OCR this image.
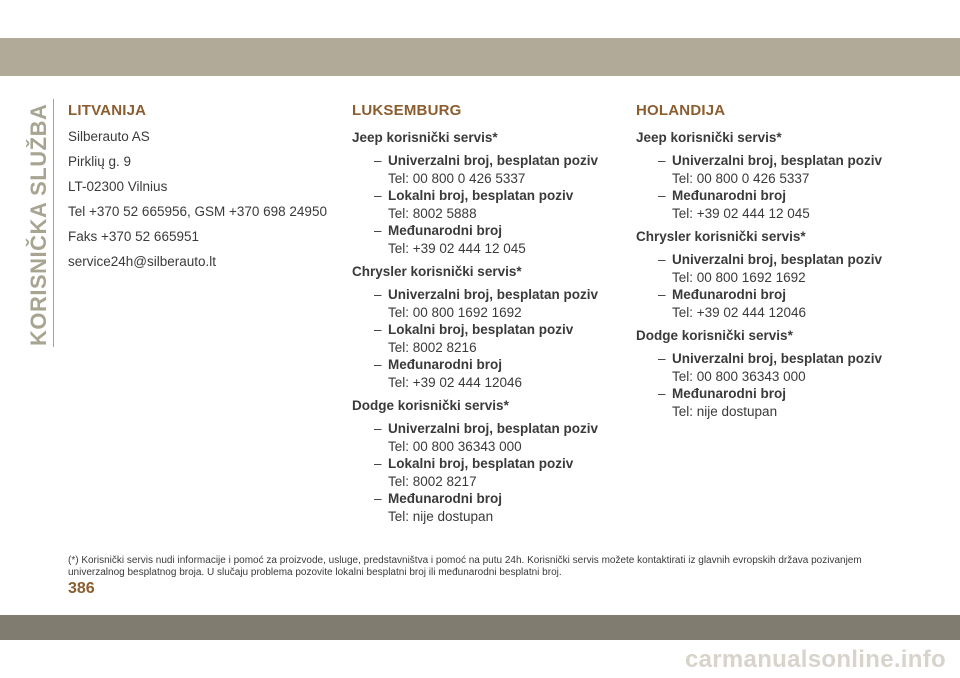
KORISNIČKA SLUŽBA	LITVANIJA

Silberauto AS

Pirklių g. 9

LT-02300 Vilnius

Tel +370 52 665956, GSM +370 698 24950

Faks +370 52 665951

service24h@silberauto.lt

LUKSEMBURG

Jeep korisnički servis*

– Univerzalni broj, besplatan poziv
Tel: 00 800 0 426 5337
– Lokalni broj, besplatan poziv
Tel: 8002 5888
– Međunarodni broj
Tel: +39 02 444 12 045

Chrysler korisnički servis*

– Univerzalni broj, besplatan poziv
Tel: 00 800 1692 1692
– Lokalni broj, besplatan poziv
Tel: 8002 8216
– Međunarodni broj
Tel: +39 02 444 12046

Dodge korisnički servis*

– Univerzalni broj, besplatan poziv
Tel: 00 800 36343 000
– Lokalni broj, besplatan poziv
Tel: 8002 8217
– Međunarodni broj
Tel: nije dostupan
HOLANDIJA

Jeep korisnički servis*

– Univerzalni broj, besplatan poziv
Tel: 00 800 0 426 5337
– Međunarodni broj
Tel: +39 02 444 12 045

Chrysler korisnički servis*

– Univerzalni broj, besplatan poziv
Tel: 00 800 1692 1692
– Međunarodni broj
Tel: +39 02 444 12046

Dodge korisnički servis*

– Univerzalni broj, besplatan poziv
Tel: 00 800 36343 000
– Međunarodni broj
Tel: nije dostupan
(*) Korisnički servis nudi informacije i pomoć za proizvode, usluge, predstavništva i pomoć na putu 24h. Korisnički servis možete kontaktirati iz glavnih evropskih država pozivanjem univerzalnog besplatnog broja. U slučaju problema pozovite lokalni besplatni broj ili međunarodni besplatni broj.
386
carmanualsonline.info
